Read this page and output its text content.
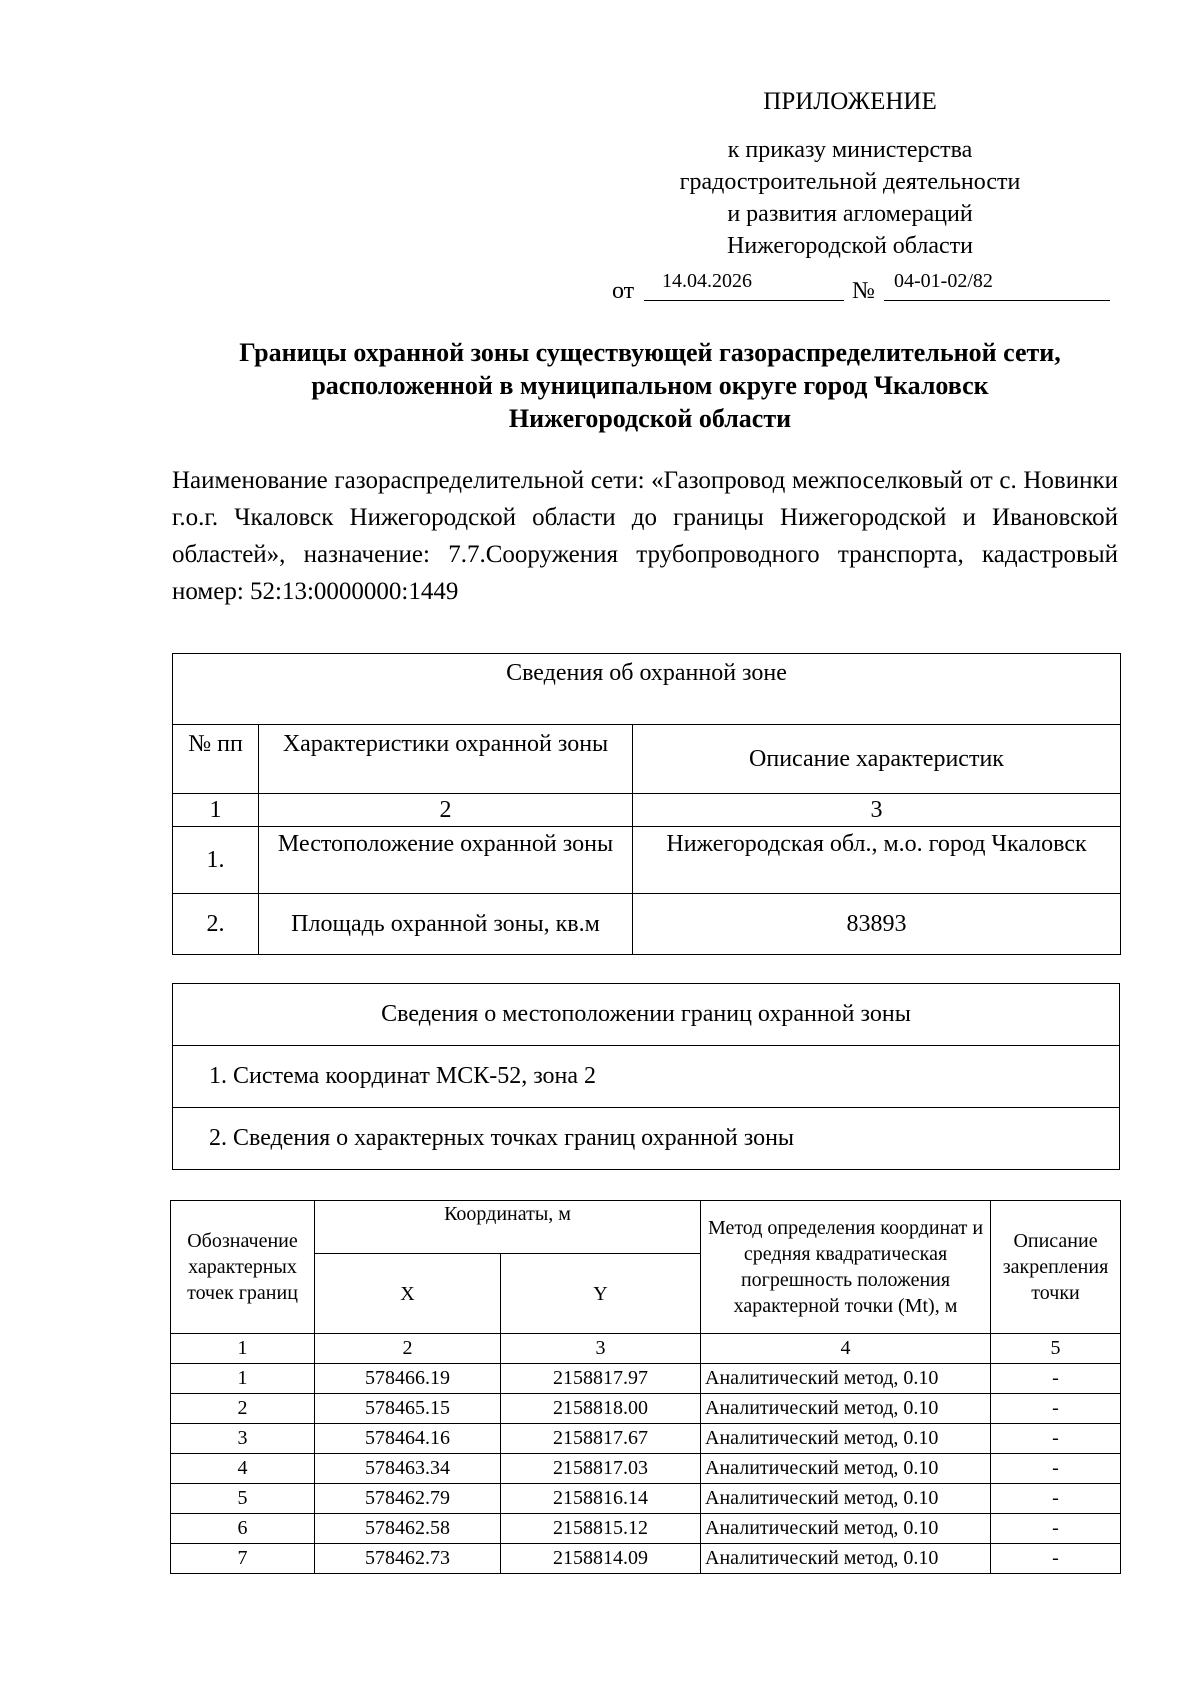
ПРИЛОЖЕНИЕ
к приказу министерства
градостроительной деятельности
и развития агломераций
Нижегородской области
от 14.04.2026	№ 04-01-02/82
Границы охранной зоны существующей газораспределительной сети,
расположенной в муниципальном округе город Чкаловск
Нижегородской области
Наименование газораспределительной сети: «Газопровод межпоселковый от с. Новинки г.о.г. Чкаловск Нижегородской области до границы Нижегородской и Ивановской областей», назначение: 7.7.Сооружения трубопроводного транспорта, кадастровый номер: 52:13:0000000:1449
Сведения об охранной зоне		
№ пп	Характеристики охранной зоны	Описание характеристик
1	2	3
1.	Местоположение охранной зоны	Нижегородская обл., м.о. город Чкаловск
2.	Площадь охранной зоны, кв.м	83893
Сведения о местоположении границ охранной зоны
1. Система координат МСК-52, зона 2
2. Сведения о характерных точках границ охранной зоны
Обозначение характерных точек границ	Координаты, м		Метод определения координат и средняя квадратическая погрешность положения характерной точки (Mt), м	Описание закрепления точки
	X	Y		
1	2	3	4	5
1	578466.19	2158817.97	Аналитический метод, 0.10	-
2	578465.15	2158818.00	Аналитический метод, 0.10	-
3	578464.16	2158817.67	Аналитический метод, 0.10	-
4	578463.34	2158817.03	Аналитический метод, 0.10	-
5	578462.79	2158816.14	Аналитический метод, 0.10	-
6	578462.58	2158815.12	Аналитический метод, 0.10	-
7	578462.73	2158814.09	Аналитический метод, 0.10	-
